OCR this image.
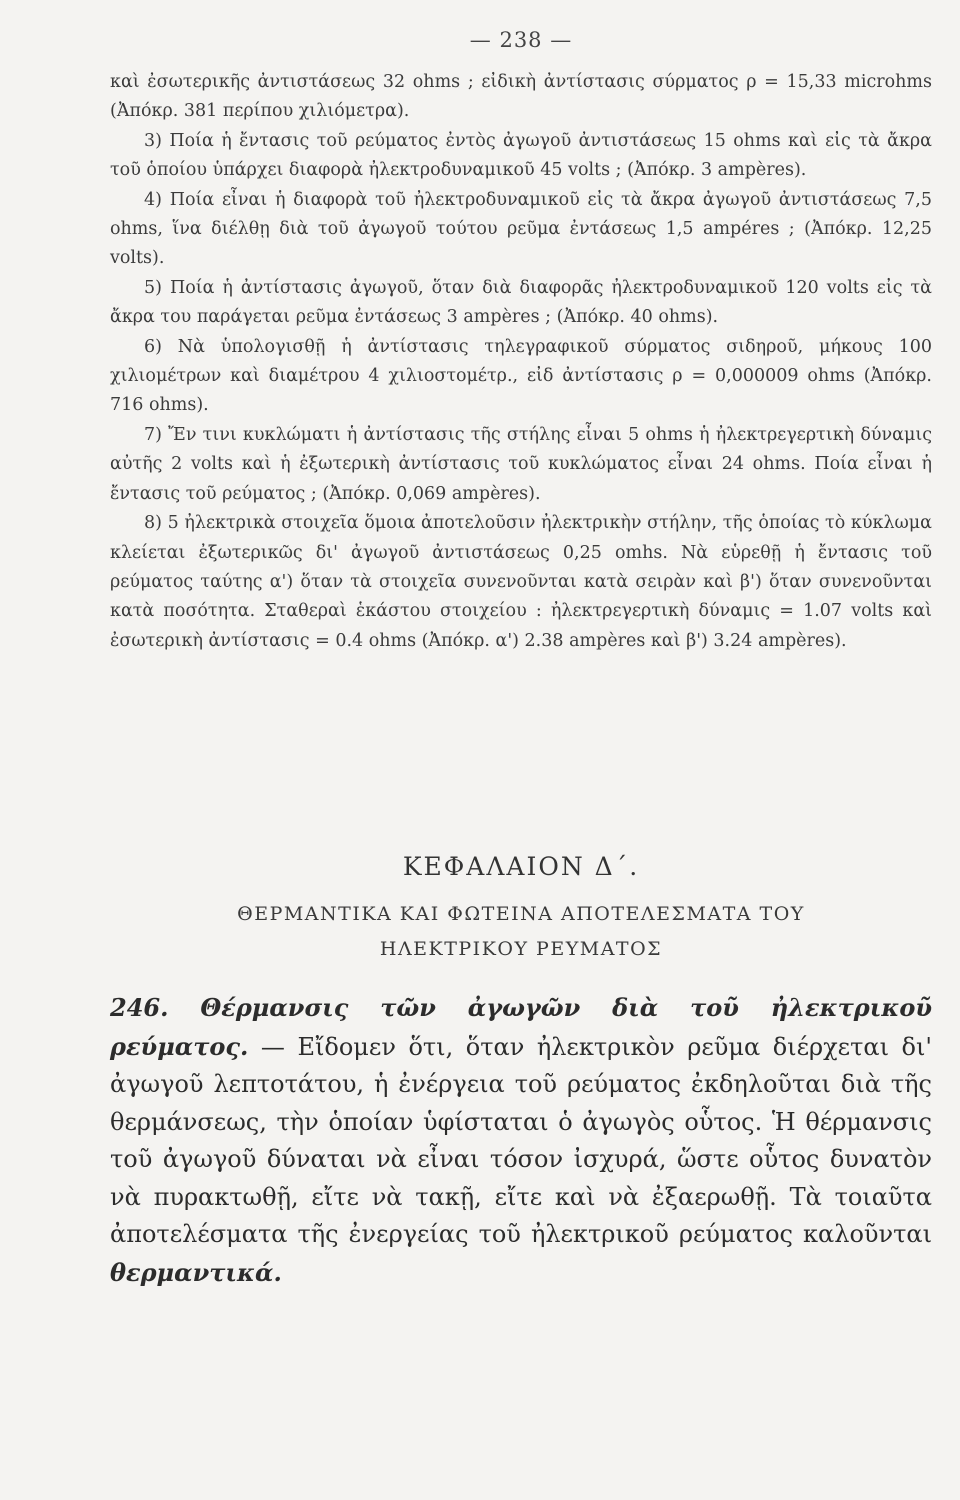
— 238 —

καὶ ἐσωτερικῆς ἀντιστάσεως 32 ohms ; εἰδικὴ ἀντίστασις σύρματος ρ = 15,33 microhms (Ἀπόκρ. 381 περίπου χιλιόμετρα).

3) Ποία ἡ ἔντασις τοῦ ρεύματος ἐντὸς ἀγωγοῦ ἀντιστάσεως 15 ohms καὶ εἰς τὰ ἄκρα τοῦ ὁποίου ὑπάρχει διαφορὰ ἠλεκτροδυναμικοῦ 45 volts ; (Ἀπόκρ. 3 ampères).

4) Ποία εἶναι ἡ διαφορὰ τοῦ ἠλεκτροδυναμικοῦ εἰς τὰ ἄκρα ἀγωγοῦ ἀντιστάσεως 7,5 ohms, ἵνα διέλθῃ διὰ τοῦ ἀγωγοῦ τούτου ρεῦμα ἐντάσεως 1,5 ampéres ; (Ἀπόκρ. 12,25 volts).

5) Ποία ἡ ἀντίστασις ἀγωγοῦ, ὅταν διὰ διαφορᾶς ἠλεκτροδυναμικοῦ 120 volts εἰς τὰ ἄκρα του παράγεται ρεῦμα ἐντάσεως 3 ampères ; (Ἀπόκρ. 40 ohms).

6) Νὰ ὑπολογισθῇ ἡ ἀντίστασις τηλεγραφικοῦ σύρματος σιδηροῦ, μήκους 100 χιλιομέτρων καὶ διαμέτρου 4 χιλιοστομέτρ., εἰδ ἀντίστασις ρ = 0,000009 ohms (Ἀπόκρ. 716 ohms).

7) Ἔν τινι κυκλώματι ἡ ἀντίστασις τῆς στήλης εἶναι 5 ohms ἡ ἠλεκτρεγερτικὴ δύναμις αὐτῆς 2 volts καὶ ἡ ἐξωτερικὴ ἀντίστασις τοῦ κυκλώματος εἶναι 24 ohms. Ποία εἶναι ἡ ἔντασις τοῦ ρεύματος ; (Ἀπόκρ. 0,069 ampères).

8) 5 ἠλεκτρικὰ στοιχεῖα ὅμοια ἀποτελοῦσιν ἠλεκτρικὴν στήλην, τῆς ὁποίας τὸ κύκλωμα κλείεται ἐξωτερικῶς δι' ἀγωγοῦ ἀντιστάσεως 0,25 omhs. Νὰ εὑρεθῇ ἡ ἔντασις τοῦ ρεύματος ταύτης α') ὅταν τὰ στοιχεῖα συνενοῦνται κατὰ σειρὰν καὶ β') ὅταν συνενοῦνται κατὰ ποσότητα. Σταθεραὶ ἑκάστου στοιχείου : ἠλεκτρεγερτικὴ δύναμις = 1.07 volts καὶ ἐσωτερικὴ ἀντίστασις = 0.4 ohms (Ἀπόκρ. α') 2.38 ampères καὶ β') 3.24 ampères).

ΚΕΦΑΛΑΙΟΝ Δ΄.
ΘΕΡΜΑΝΤΙΚΑ ΚΑΙ ΦΩΤΕΙΝΑ ΑΠΟΤΕΛΕΣΜΑΤΑ ΤΟΥ
ΗΛΕΚΤΡΙΚΟΥ ΡΕΥΜΑΤΟΣ

246. Θέρμανσις τῶν ἀγωγῶν διὰ τοῦ ἠλεκτρικοῦ ρεύματος. — Εἴδομεν ὅτι, ὅταν ἠλεκτρικὸν ρεῦμα διέρχεται δι' ἀγωγοῦ λεπτοτάτου, ἡ ἐνέργεια τοῦ ρεύματος ἐκδηλοῦται διὰ τῆς θερμάνσεως, τὴν ὁποίαν ὑφίσταται ὁ ἀγωγὸς οὗτος. Ἡ θέρμανσις τοῦ ἀγωγοῦ δύναται νὰ εἶναι τόσον ἰσχυρά, ὥστε οὗτος δυνατὸν νὰ πυρακτωθῇ, εἴτε νὰ τακῇ, εἴτε καὶ νὰ ἐξαερωθῇ. Τὰ τοιαῦτα ἀποτελέσματα τῆς ἐνεργείας τοῦ ἠλεκτρικοῦ ρεύματος καλοῦνται θερμαντικά.
